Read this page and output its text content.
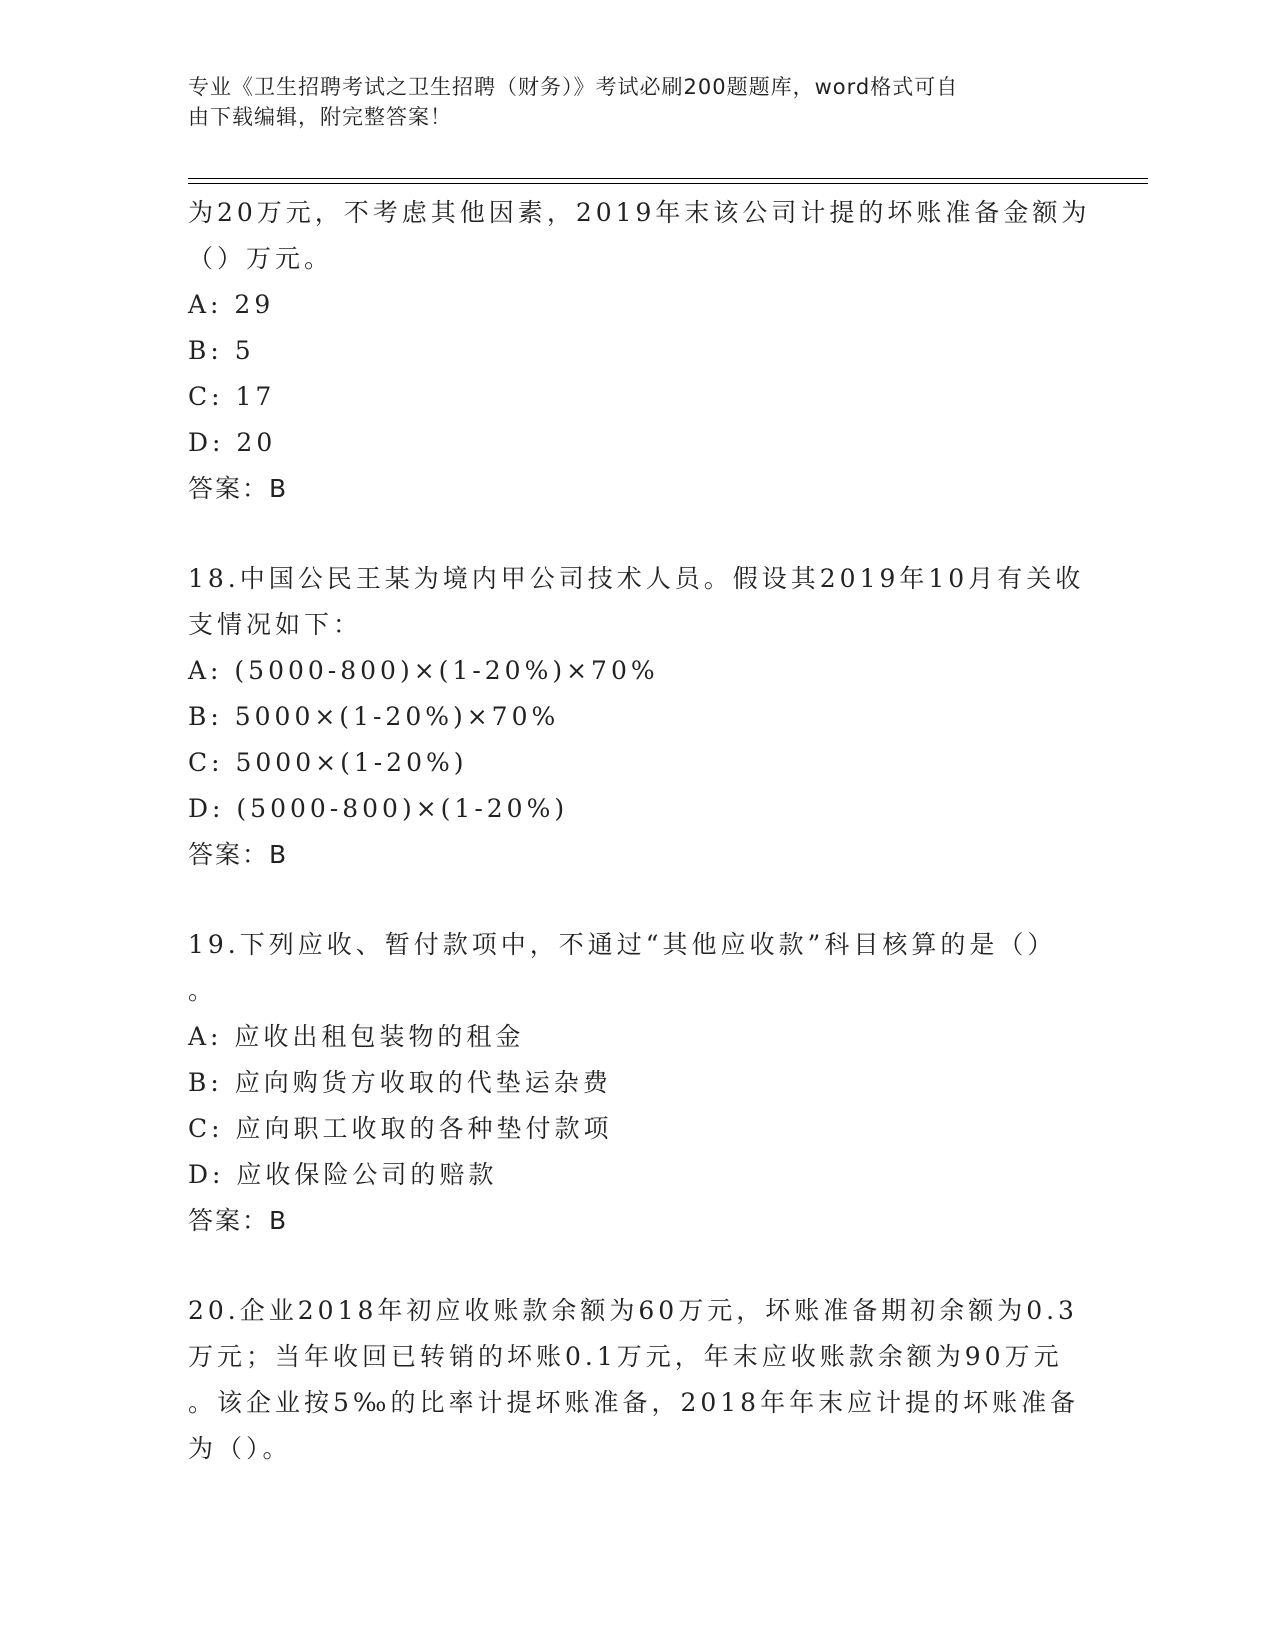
专业《卫生招聘考试之卫生招聘（财务）》考试必刷200题题库，word格式可自
由下载编辑，附完整答案！
为20万元，不考虑其他因素，2019年末该公司计提的坏账准备金额为
（）万元。
A: 29
B: 5
C: 17
D: 20
答案：B
18.中国公民王某为境内甲公司技术人员。假设其2019年10月有关收
支情况如下：
A: (5000-800)×(1-20%)×70%
B: 5000×(1-20%)×70%
C: 5000×(1-20%)
D: (5000-800)×(1-20%)
答案：B
19.下列应收、暂付款项中，不通过“其他应收款”科目核算的是（）
。
A: 应收出租包装物的租金
B: 应向购货方收取的代垫运杂费
C: 应向职工收取的各种垫付款项
D: 应收保险公司的赔款
答案：B
20.企业2018年初应收账款余额为60万元，坏账准备期初余额为0.3
万元；当年收回已转销的坏账0.1万元，年末应收账款余额为90万元
。该企业按5‰的比率计提坏账准备，2018年年末应计提的坏账准备
为（）。
